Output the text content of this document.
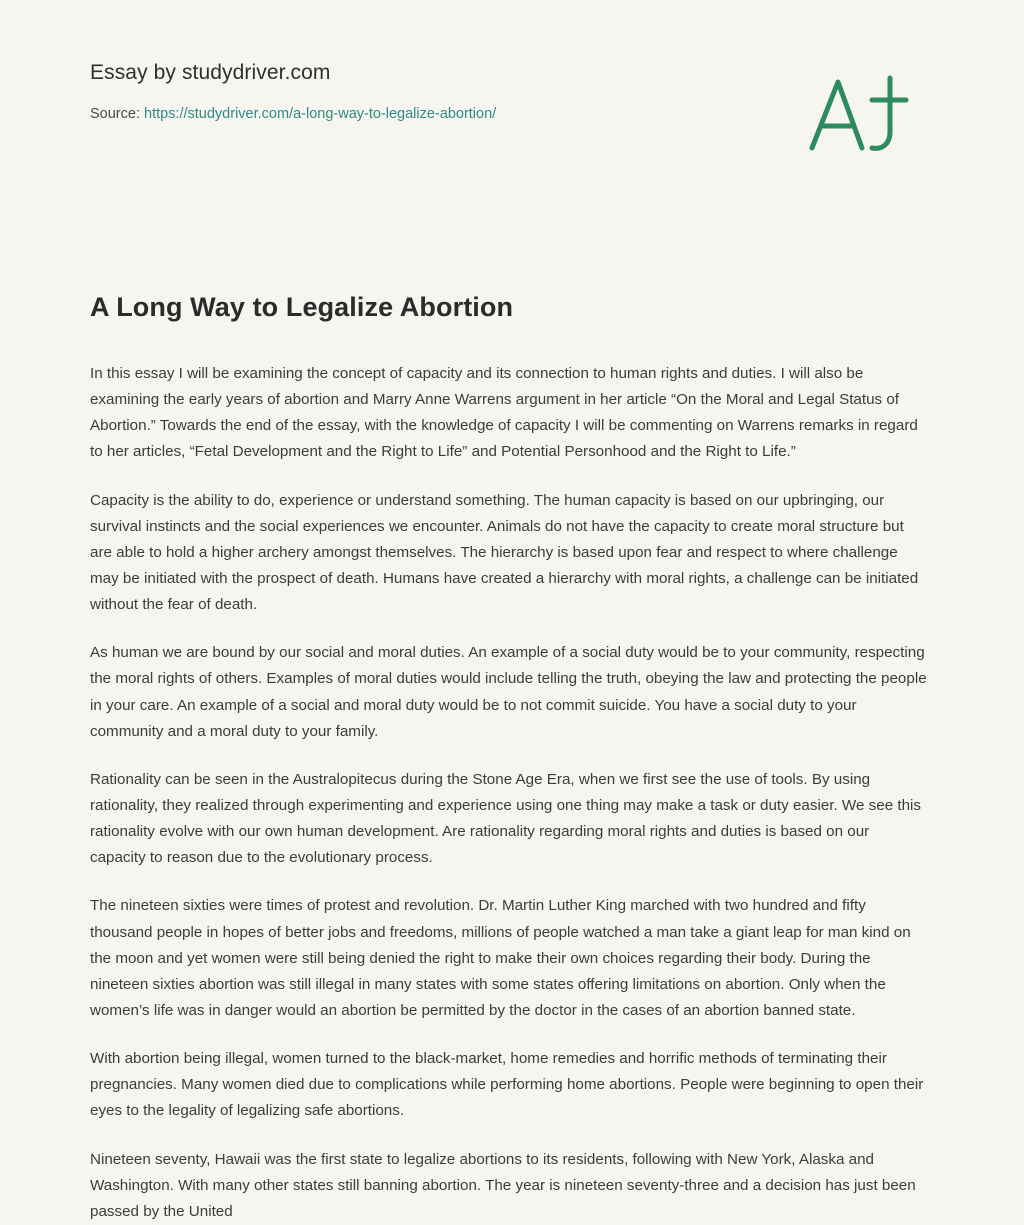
Essay by studydriver.com
Source: https://studydriver.com/a-long-way-to-legalize-abortion/
A Long Way to Legalize Abortion

In this essay I will be examining the concept of capacity and its connection to human rights and duties. I will also be examining the early years of abortion and Marry Anne Warrens argument in her article “On the Moral and Legal Status of Abortion.” Towards the end of the essay, with the knowledge of capacity I will be commenting on Warrens remarks in regard to her articles, “Fetal Development and the Right to Life” and Potential Personhood and the Right to Life.”

Capacity is the ability to do, experience or understand something. The human capacity is based on our upbringing, our survival instincts and the social experiences we encounter. Animals do not have the capacity to create moral structure but are able to hold a higher archery amongst themselves. The hierarchy is based upon fear and respect to where challenge may be initiated with the prospect of death. Humans have created a hierarchy with moral rights, a challenge can be initiated without the fear of death.

As human we are bound by our social and moral duties. An example of a social duty would be to your community, respecting the moral rights of others. Examples of moral duties would include telling the truth, obeying the law and protecting the people in your care. An example of a social and moral duty would be to not commit suicide. You have a social duty to your community and a moral duty to your family.

Rationality can be seen in the Australopitecus during the Stone Age Era, when we first see the use of tools. By using rationality, they realized through experimenting and experience using one thing may make a task or duty easier. We see this rationality evolve with our own human development. Are rationality regarding moral rights and duties is based on our capacity to reason due to the evolutionary process.

The nineteen sixties were times of protest and revolution. Dr. Martin Luther King marched with two hundred and fifty thousand people in hopes of better jobs and freedoms, millions of people watched a man take a giant leap for man kind on the moon and yet women were still being denied the right to make their own choices regarding their body. During the nineteen sixties abortion was still illegal in many states with some states offering limitations on abortion. Only when the women’s life was in danger would an abortion be permitted by the doctor in the cases of an abortion banned state.

With abortion being illegal, women turned to the black-market, home remedies and horrific methods of terminating their pregnancies. Many women died due to complications while performing home abortions. People were beginning to open their eyes to the legality of legalizing safe abortions.

Nineteen seventy, Hawaii was the first state to legalize abortions to its residents, following with New York, Alaska and Washington. With many other states still banning abortion. The year is nineteen seventy-three and a decision has just been passed by the United
